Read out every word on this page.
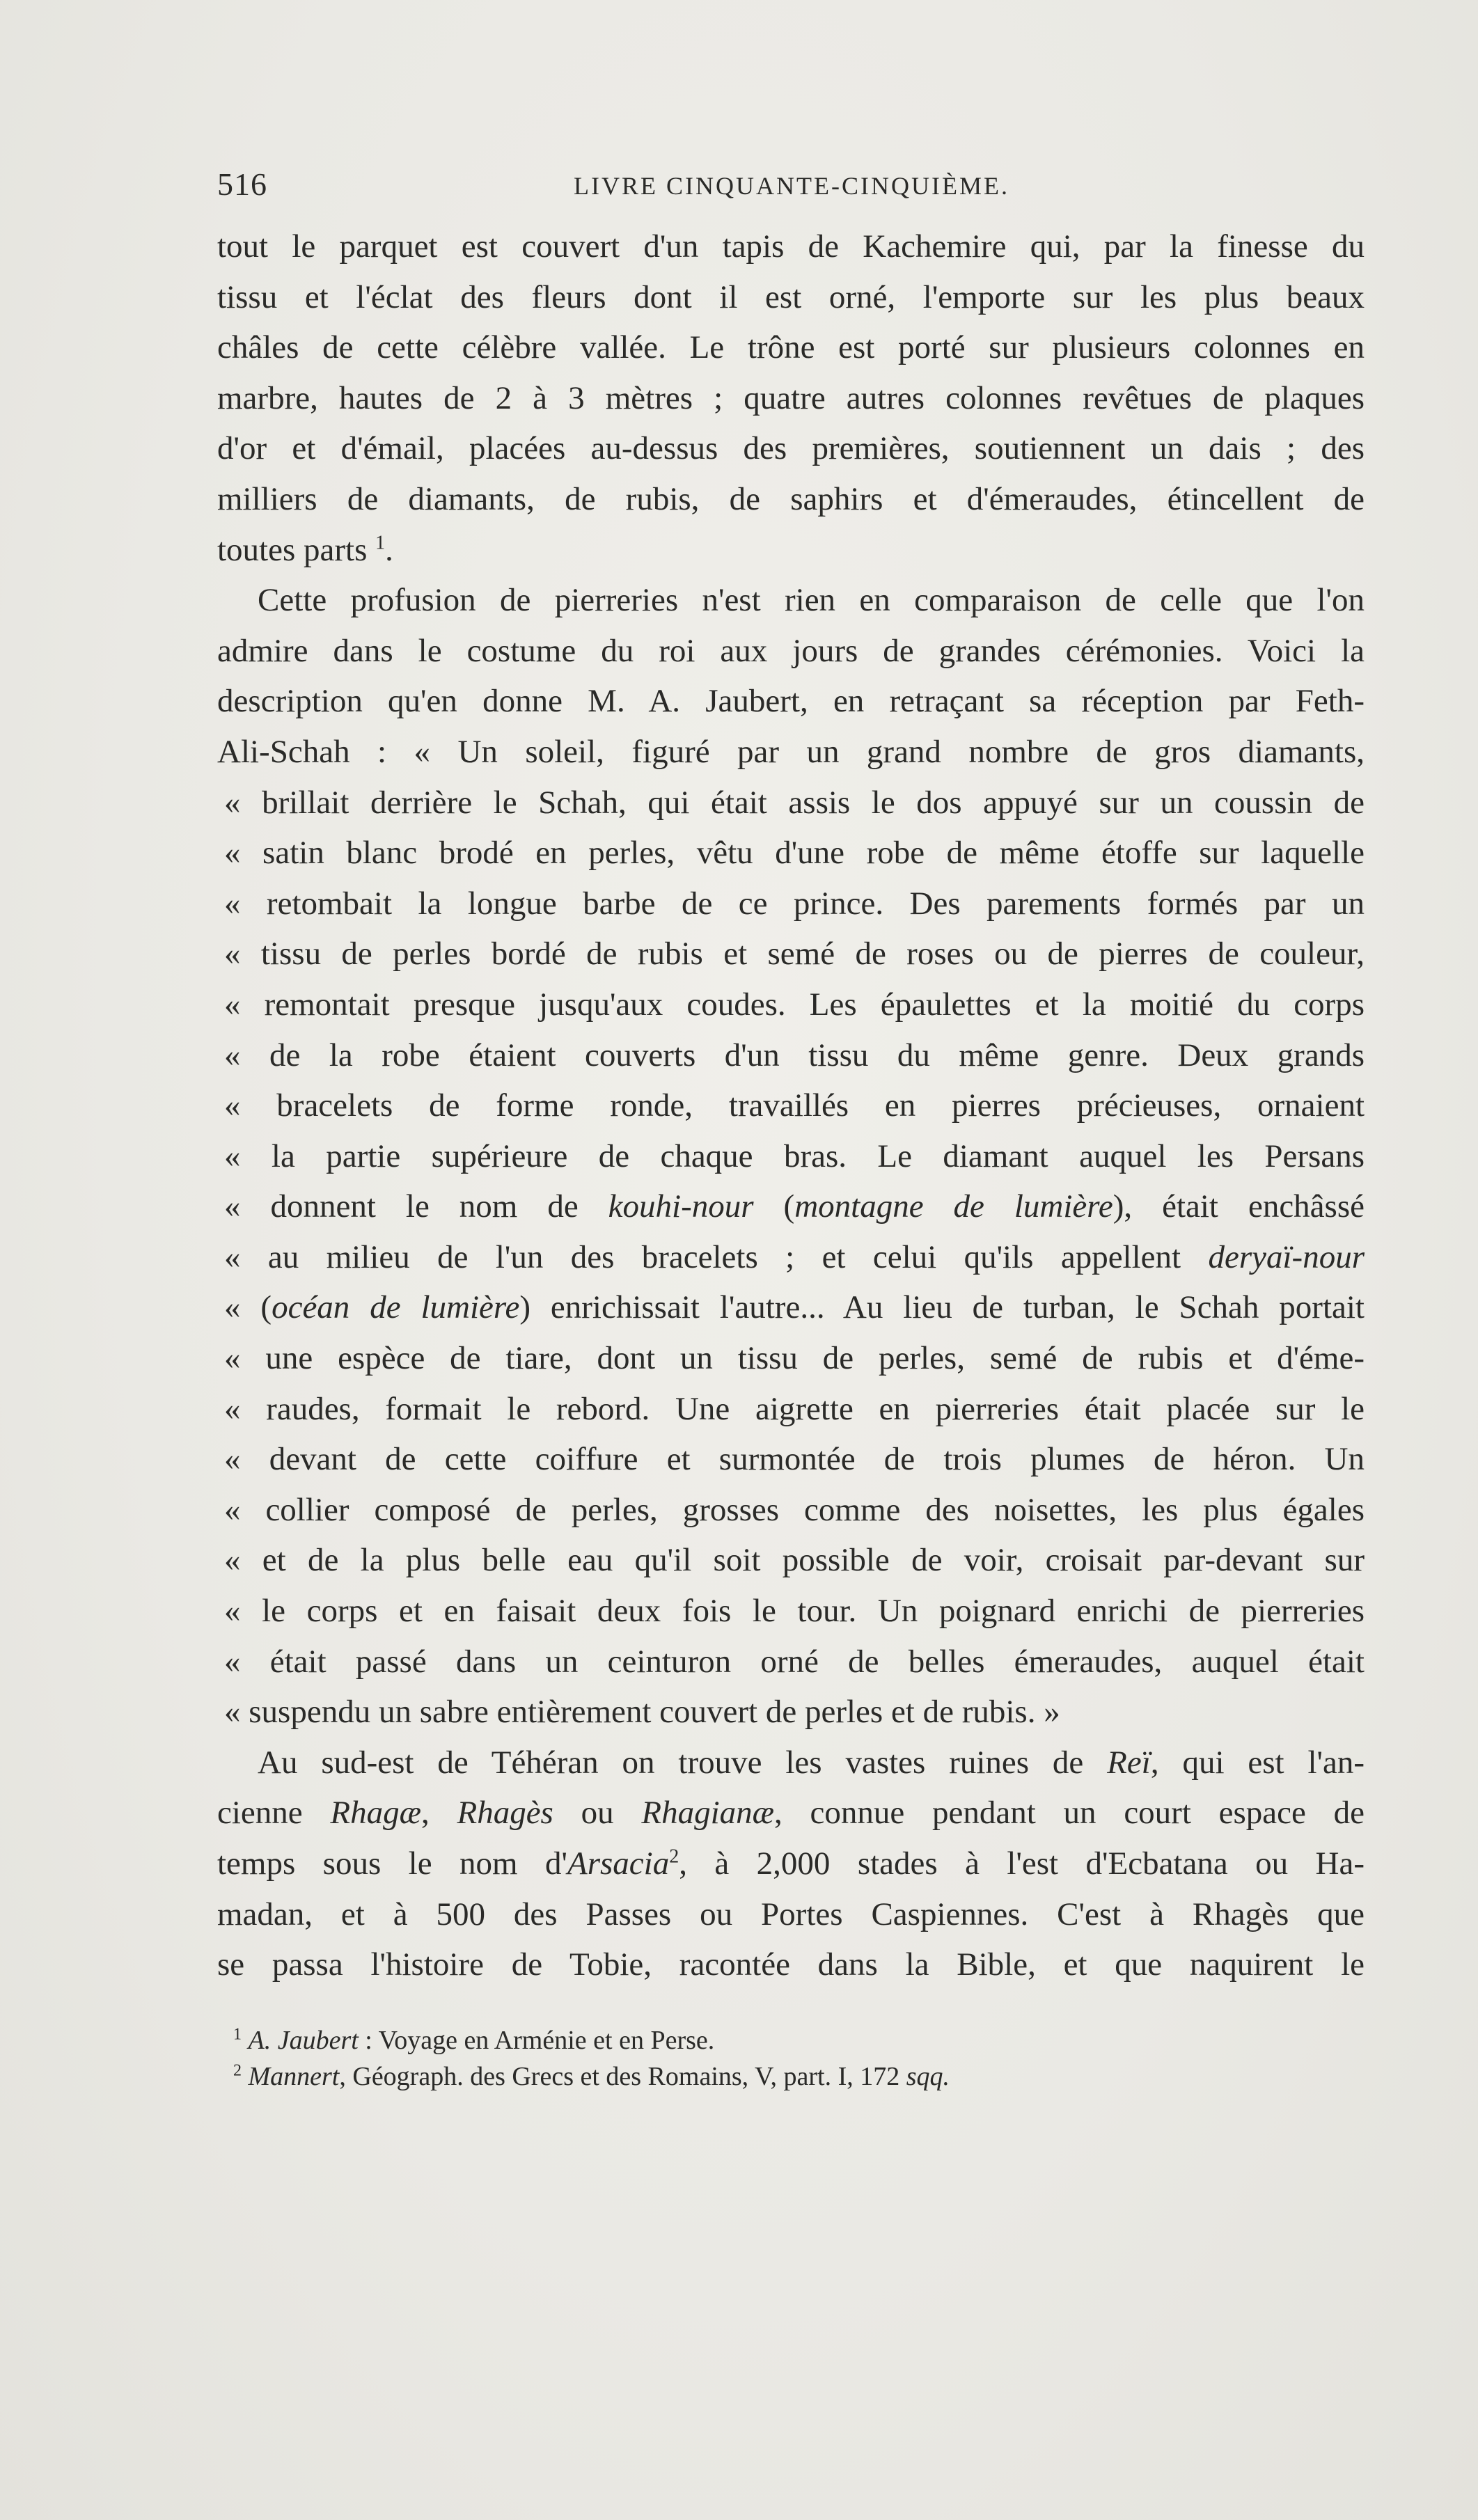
516	LIVRE CINQUANTE-CINQUIÈME.
tout le parquet est couvert d'un tapis de Kachemire qui, par la finesse du
tissu et l'éclat des fleurs dont il est orné, l'emporte sur les plus beaux
châles de cette célèbre vallée. Le trône est porté sur plusieurs colonnes en
marbre, hautes de 2 à 3 mètres ; quatre autres colonnes revêtues de plaques
d'or et d'émail, placées au-dessus des premières, soutiennent un dais ; des
milliers de diamants, de rubis, de saphirs et d'émeraudes, étincellent de
toutes parts $^1$.
Cette profusion de pierreries n'est rien en comparaison de celle que l'on
admire dans le costume du roi aux jours de grandes cérémonies. Voici la
description qu'en donne M. A. Jaubert, en retraçant sa réception par Feth-
Ali-Schah : « Un soleil, figuré par un grand nombre de gros diamants,
« brillait derrière le Schah, qui était assis le dos appuyé sur un coussin de
« satin blanc brodé en perles, vêtu d'une robe de même étoffe sur laquelle
« retombait la longue barbe de ce prince. Des parements formés par un
« tissu de perles bordé de rubis et semé de roses ou de pierres de couleur,
« remontait presque jusqu'aux coudes. Les épaulettes et la moitié du corps
« de la robe étaient couverts d'un tissu du même genre. Deux grands
« bracelets de forme ronde, travaillés en pierres précieuses, ornaient
« la partie supérieure de chaque bras. Le diamant auquel les Persans
« donnent le nom de kouhi-nour (montagne de lumière), était enchâssé
« au milieu de l'un des bracelets ; et celui qu'ils appellent deryaï-nour
« (océan de lumière) enrichissait l'autre... Au lieu de turban, le Schah portait
« une espèce de tiare, dont un tissu de perles, semé de rubis et d'éme-
« raudes, formait le rebord. Une aigrette en pierreries était placée sur le
« devant de cette coiffure et surmontée de trois plumes de héron. Un
« collier composé de perles, grosses comme des noisettes, les plus égales
« et de la plus belle eau qu'il soit possible de voir, croisait par-devant sur
« le corps et en faisait deux fois le tour. Un poignard enrichi de pierreries
« était passé dans un ceinturon orné de belles émeraudes, auquel était
« suspendu un sabre entièrement couvert de perles et de rubis. »
Au sud-est de Téhéran on trouve les vastes ruines de Reï, qui est l'an-
cienne Rhagæ, Rhagès ou Rhagianæ, connue pendant un court espace de
temps sous le nom d'Arsacia$^2$, à 2,000 stades à l'est d'Ecbatana ou Ha-
madan, et à 500 des Passes ou Portes Caspiennes. C'est à Rhagès que
se passa l'histoire de Tobie, racontée dans la Bible, et que naquirent le
$^1$ A. Jaubert : Voyage en Arménie et en Perse.
$^2$ Mannert, Géograph. des Grecs et des Romains, V, part. I, 172 sqq.
